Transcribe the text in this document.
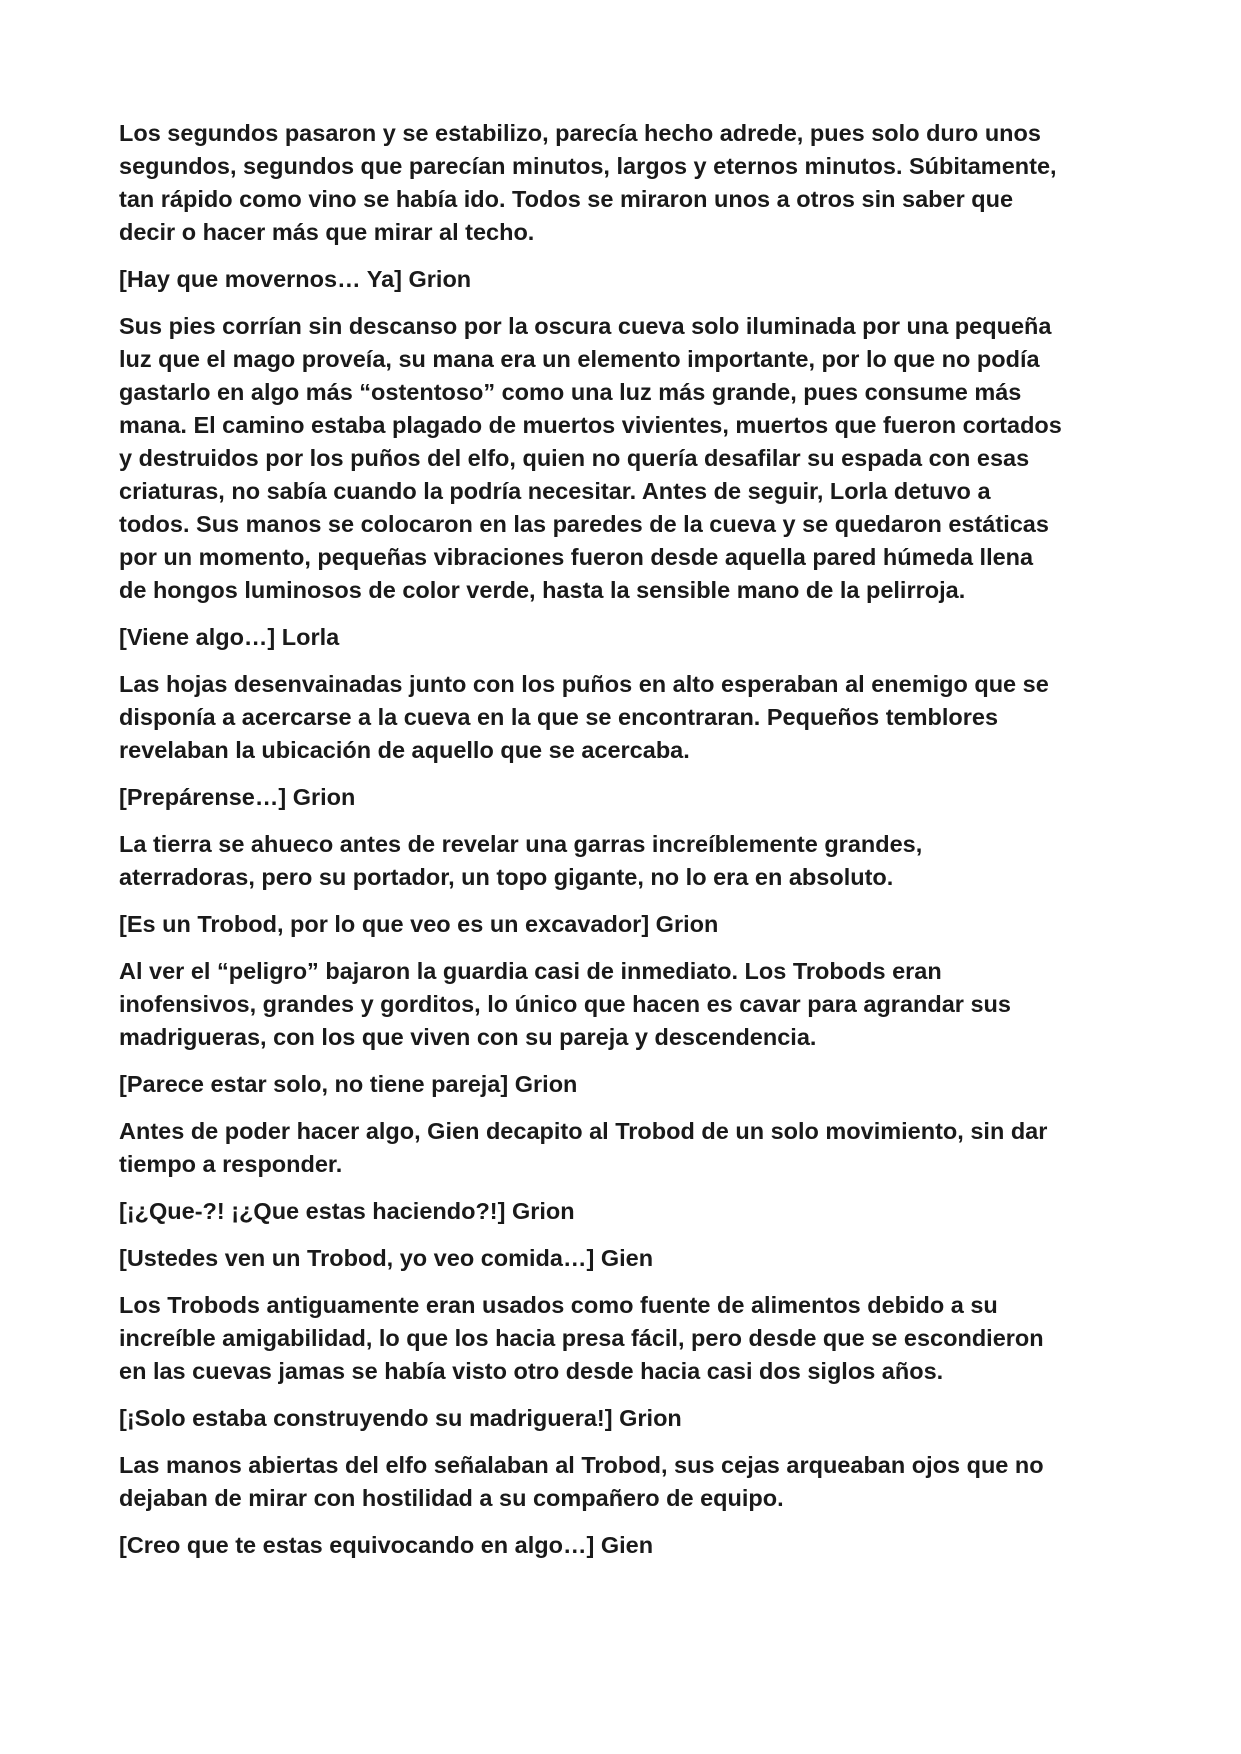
Los segundos pasaron y se estabilizo, parecía hecho adrede, pues solo duro unos
segundos, segundos que parecían minutos, largos y eternos minutos. Súbitamente,
tan rápido como vino se había ido. Todos se miraron unos a otros sin saber que
decir o hacer más que mirar al techo.

[Hay que movernos… Ya] Grion

Sus pies corrían sin descanso por la oscura cueva solo iluminada por una pequeña
luz que el mago proveía, su mana era un elemento importante, por lo que no podía
gastarlo en algo más “ostentoso” como una luz más grande, pues consume más
mana. El camino estaba plagado de muertos vivientes, muertos que fueron cortados
y destruidos por los puños del elfo, quien no quería desafilar su espada con esas
criaturas, no sabía cuando la podría necesitar. Antes de seguir, Lorla detuvo a
todos. Sus manos se colocaron en las paredes de la cueva y se quedaron estáticas
por un momento, pequeñas vibraciones fueron desde aquella pared húmeda llena
de hongos luminosos de color verde, hasta la sensible mano de la pelirroja.

[Viene algo…] Lorla

Las hojas desenvainadas junto con los puños en alto esperaban al enemigo que se
disponía a acercarse a la cueva en la que se encontraran. Pequeños temblores
revelaban la ubicación de aquello que se acercaba.

[Prepárense…] Grion

La tierra se ahueco antes de revelar una garras increíblemente grandes,
aterradoras, pero su portador, un topo gigante, no lo era en absoluto.

[Es un Trobod, por lo que veo es un excavador] Grion

Al ver el “peligro” bajaron la guardia casi de inmediato. Los Trobods eran
inofensivos, grandes y gorditos, lo único que hacen es cavar para agrandar sus
madrigueras, con los que viven con su pareja y descendencia.

[Parece estar solo, no tiene pareja] Grion

Antes de poder hacer algo, Gien decapito al Trobod de un solo movimiento, sin dar
tiempo a responder.

[¡¿Que-?! ¡¿Que estas haciendo?!] Grion

[Ustedes ven un Trobod, yo veo comida…] Gien

Los Trobods antiguamente eran usados como fuente de alimentos debido a su
increíble amigabilidad, lo que los hacia presa fácil, pero desde que se escondieron
en las cuevas jamas se había visto otro desde hacia casi dos siglos años.

[¡Solo estaba construyendo su madriguera!] Grion

Las manos abiertas del elfo señalaban al Trobod, sus cejas arqueaban ojos que no
dejaban de mirar con hostilidad a su compañero de equipo.

[Creo que te estas equivocando en algo…] Gien
